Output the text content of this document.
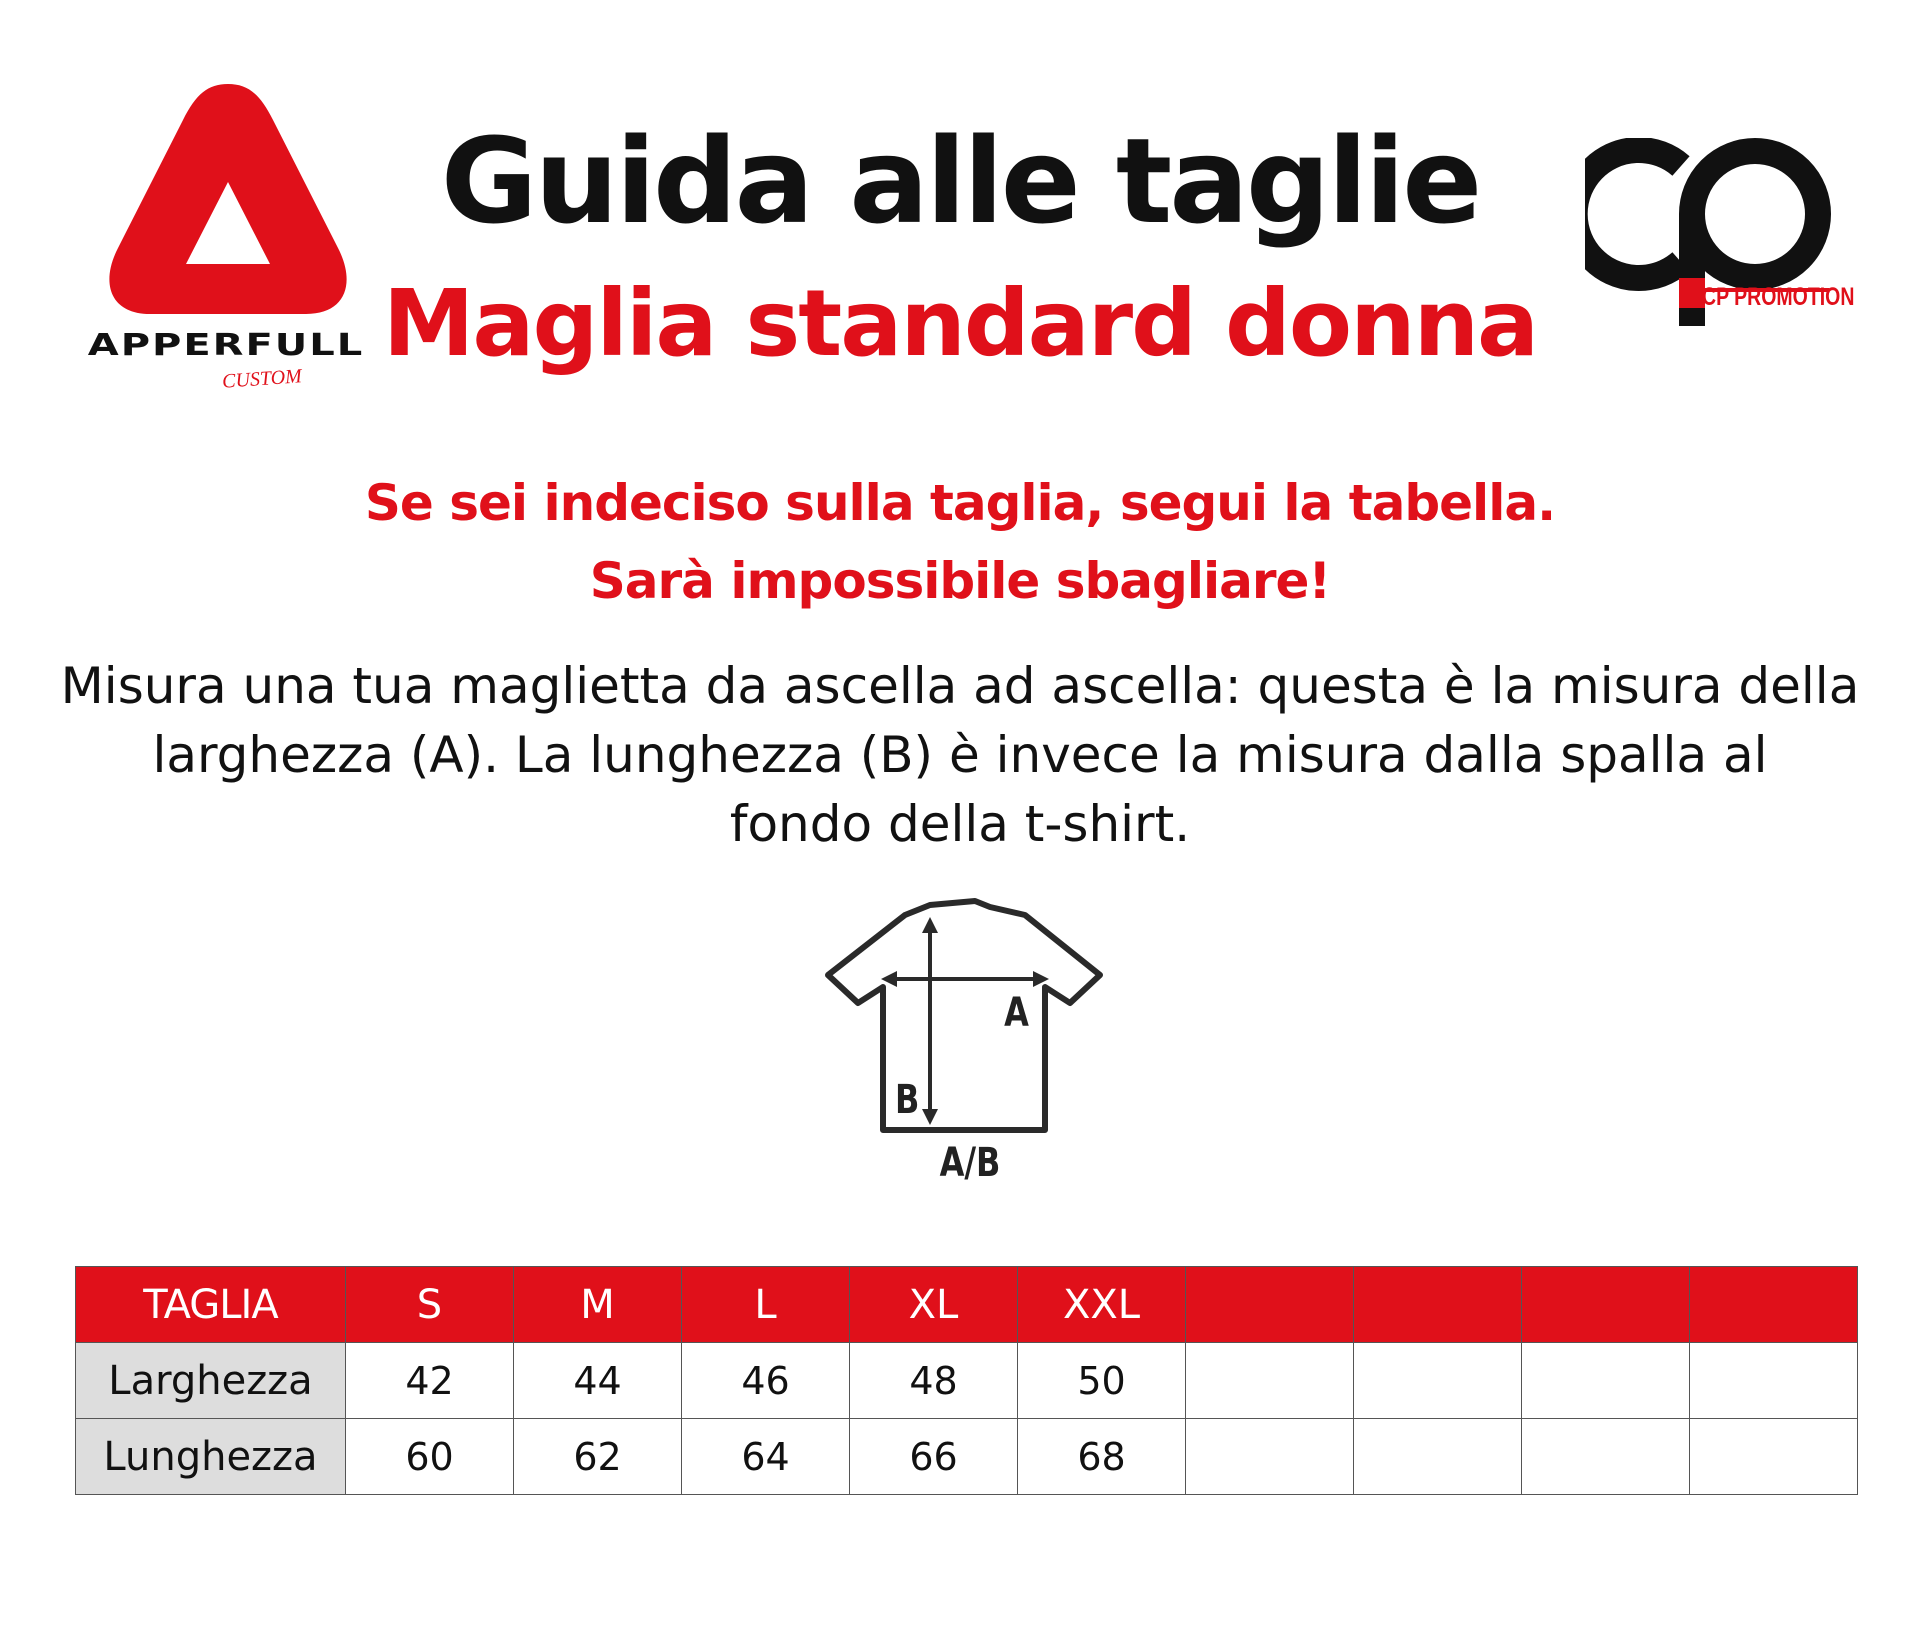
APPERFULL
CUSTOM
CP PROMOTION
Guida alle taglie
Maglia standard donna
Se sei indeciso sulla taglia, segui la tabella.
Sarà impossibile sbagliare!
Misura una tua maglietta da ascella ad ascella: questa è la misura della
larghezza (A). La lunghezza (B) è invece la misura dalla spalla al
fondo della t-shirt.
A
B
A/B
TAGLIA	S	M	L	XL	XXL				
Larghezza	42	44	46	48	50				
Lunghezza	60	62	64	66	68				
